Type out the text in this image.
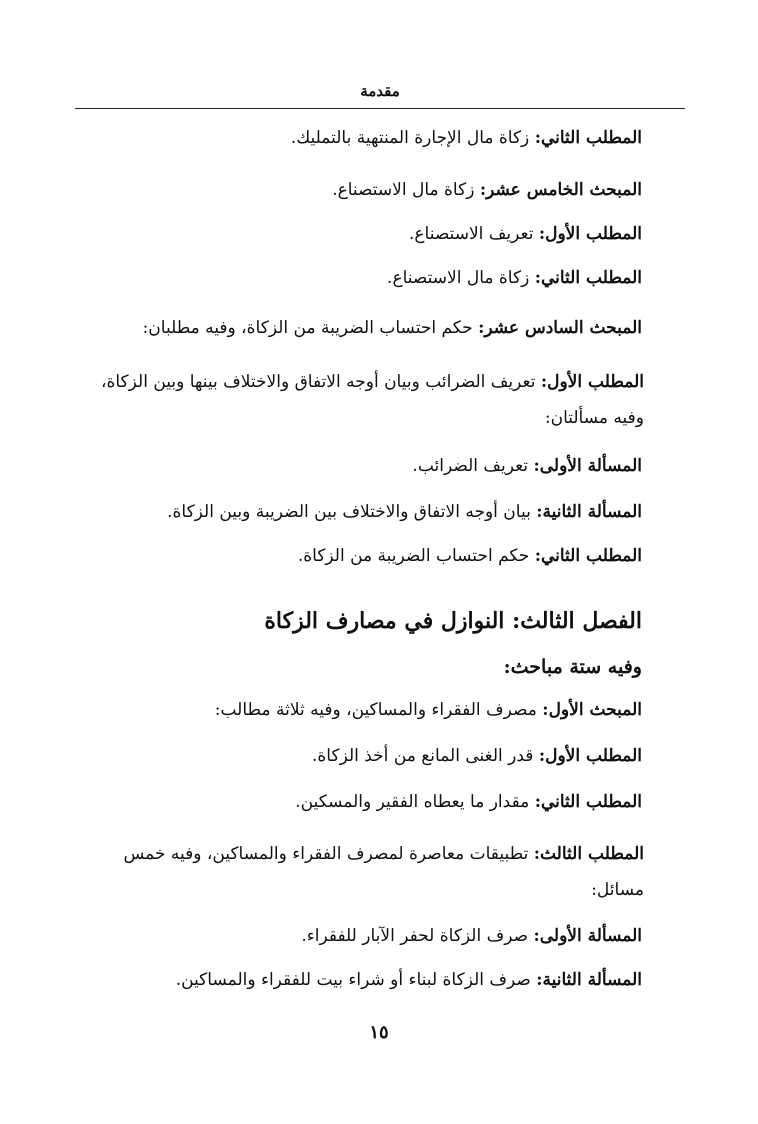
مقدمة
المطلب الثاني: زكاة مال الإجارة المنتهية بالتمليك.
المبحث الخامس عشر: زكاة مال الاستصناع.
المطلب الأول: تعريف الاستصناع.
المطلب الثاني: زكاة مال الاستصناع.
المبحث السادس عشر: حكم احتساب الضريبة من الزكاة، وفيه مطلبان:
المطلب الأول: تعريف الضرائب وبيان أوجه الاتفاق والاختلاف بينها وبين الزكاة، وفيه مسألتان:
المسألة الأولى: تعريف الضرائب.
المسألة الثانية: بيان أوجه الاتفاق والاختلاف بين الضريبة وبين الزكاة.
المطلب الثاني: حكم احتساب الضريبة من الزكاة.
الفصل الثالث: النوازل في مصارف الزكاة
وفيه ستة مباحث:
المبحث الأول: مصرف الفقراء والمساكين، وفيه ثلاثة مطالب:
المطلب الأول: قدر الغنى المانع من أخذ الزكاة.
المطلب الثاني: مقدار ما يعطاه الفقير والمسكين.
المطلب الثالث: تطبيقات معاصرة لمصرف الفقراء والمساكين، وفيه خمس مسائل:
المسألة الأولى: صرف الزكاة لحفر الآبار للفقراء.
المسألة الثانية: صرف الزكاة لبناء أو شراء بيت للفقراء والمساكين.
١٥
